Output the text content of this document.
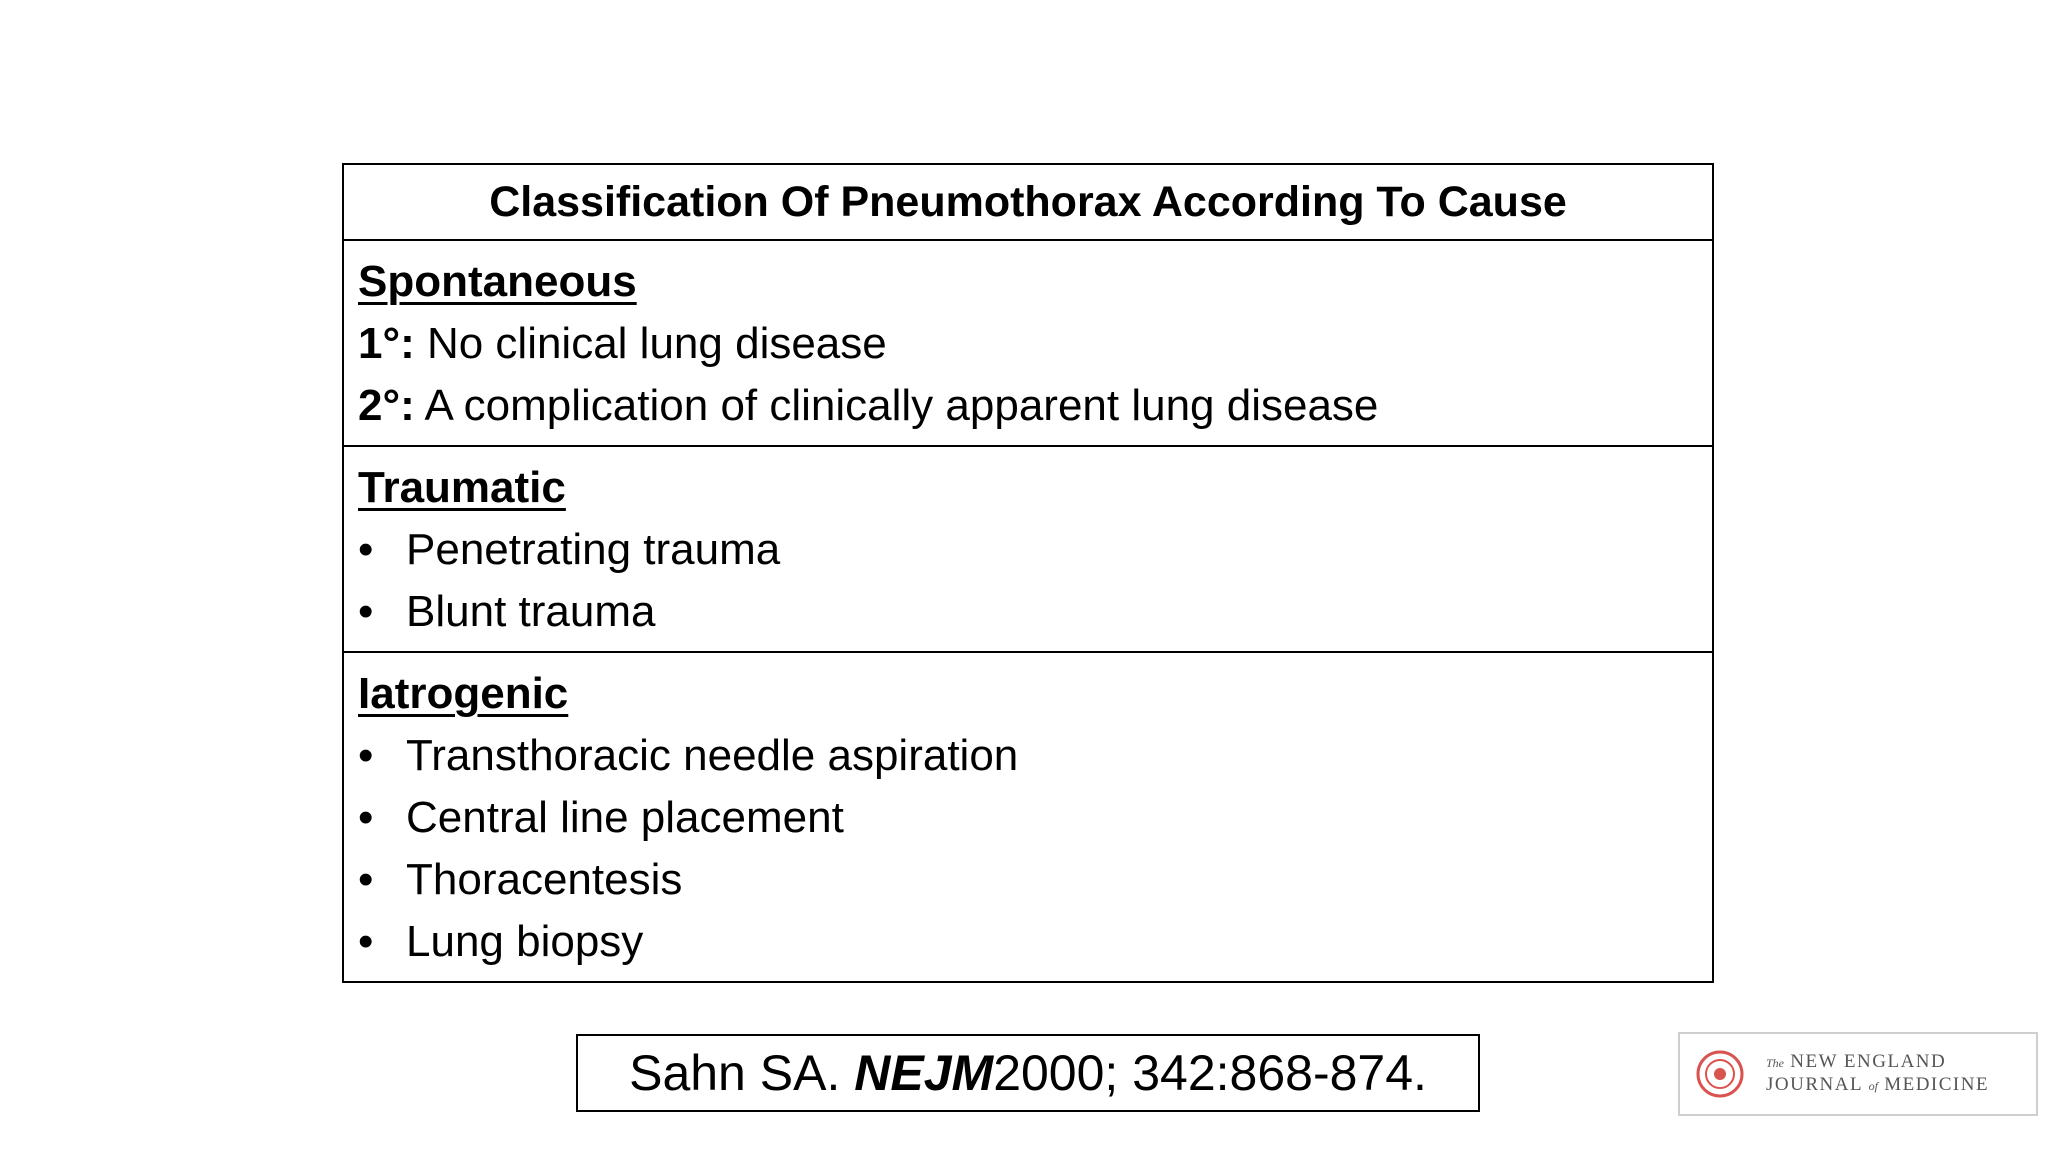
Classification Of Pneumothorax According To Cause
Spontaneous
1°: No clinical lung disease
2°: A complication of clinically apparent lung disease
Traumatic
• Penetrating trauma
• Blunt trauma
Iatrogenic
• Transthoracic needle aspiration
• Central line placement
• Thoracentesis
• Lung biopsy
Sahn SA.
NEJM 2000; 342:868-874.	The NEW ENGLAND
JOURNAL of MEDICINE
